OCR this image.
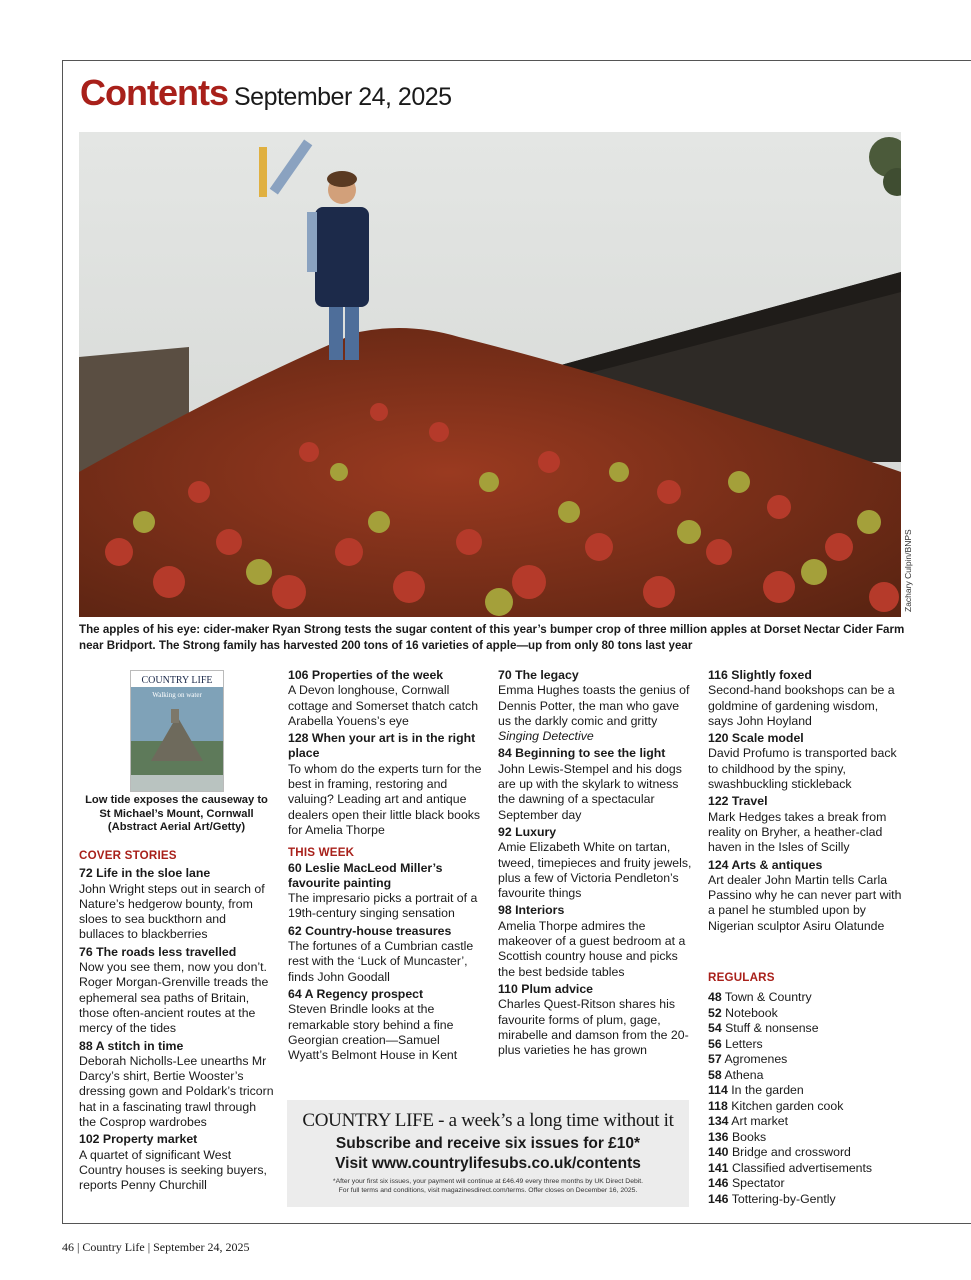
Contents September 24, 2025
Zachary Culpin/BNPS
The apples of his eye: cider-maker Ryan Strong tests the sugar content of this year’s bumper crop of three million apples at Dorset Nectar Cider Farm near Bridport. The Strong family has harvested 200 tons of 16 varieties of apple—up from only 80 tons last year
COUNTRY LIFE
Walking on water
Low tide exposes the causeway to St Michael’s Mount, Cornwall (Abstract Aerial Art/Getty)
COVER STORIES
72 Life in the sloe lane
John Wright steps out in search of Nature’s hedgerow bounty, from sloes to sea buckthorn and bullaces to blackberries
76 The roads less travelled
Now you see them, now you don’t. Roger Morgan-Grenville treads the ephemeral sea paths of Britain, those often-ancient routes at the mercy of the tides
88 A stitch in time
Deborah Nicholls-Lee unearths Mr Darcy’s shirt, Bertie Wooster’s dressing gown and Poldark’s tricorn hat in a fascinating trawl through the Cosprop wardrobes
102 Property market
A quartet of significant West Country houses is seeking buyers, reports Penny Churchill
106 Properties of the week
A Devon longhouse, Cornwall cottage and Somerset thatch catch Arabella Youens’s eye
128 When your art is in the right place
To whom do the experts turn for the best in framing, restoring and valuing? Leading art and antique dealers open their little black books for Amelia Thorpe
THIS WEEK
60 Leslie MacLeod Miller’s favourite painting
The impresario picks a portrait of a 19th-century singing sensation
62 Country-house treasures
The fortunes of a Cumbrian castle rest with the ‘Luck of Muncaster’, finds John Goodall
64 A Regency prospect
Steven Brindle looks at the remarkable story behind a fine Georgian creation—Samuel Wyatt’s Belmont House in Kent
70 The legacy
Emma Hughes toasts the genius of Dennis Potter, the man who gave us the darkly comic and gritty Singing Detective
84 Beginning to see the light
John Lewis-Stempel and his dogs are up with the skylark to witness the dawning of a spectacular September day
92 Luxury
Amie Elizabeth White on tartan, tweed, timepieces and fruity jewels, plus a few of Victoria Pendleton’s favourite things
98 Interiors
Amelia Thorpe admires the makeover of a guest bedroom at a Scottish country house and picks the best bedside tables
110 Plum advice
Charles Quest-Ritson shares his favourite forms of plum, gage, mirabelle and damson from the 20-plus varieties he has grown
116 Slightly foxed
Second-hand bookshops can be a goldmine of gardening wisdom, says John Hoyland
120 Scale model
David Profumo is transported back to childhood by the spiny, swashbuckling stickleback
122 Travel
Mark Hedges takes a break from reality on Bryher, a heather-clad haven in the Isles of Scilly
124 Arts & antiques
Art dealer John Martin tells Carla Passino why he can never part with a panel he stumbled upon by Nigerian sculptor Asiru Olatunde
REGULARS
48 Town & Country
52 Notebook
54 Stuff & nonsense
56 Letters
57 Agromenes
58 Athena
114 In the garden
118 Kitchen garden cook
134 Art market
136 Books
140 Bridge and crossword
141 Classified advertisements
146 Spectator
146 Tottering-by-Gently
COUNTRY LIFE - a week’s a long time without it
Subscribe and receive six issues for £10*
Visit www.countrylifesubs.co.uk/contents
*After your first six issues, your payment will continue at £46.49 every three months by UK Direct Debit.
For full terms and conditions, visit magazinesdirect.com/terms. Offer closes on December 16, 2025.
46 | Country Life | September 24, 2025
